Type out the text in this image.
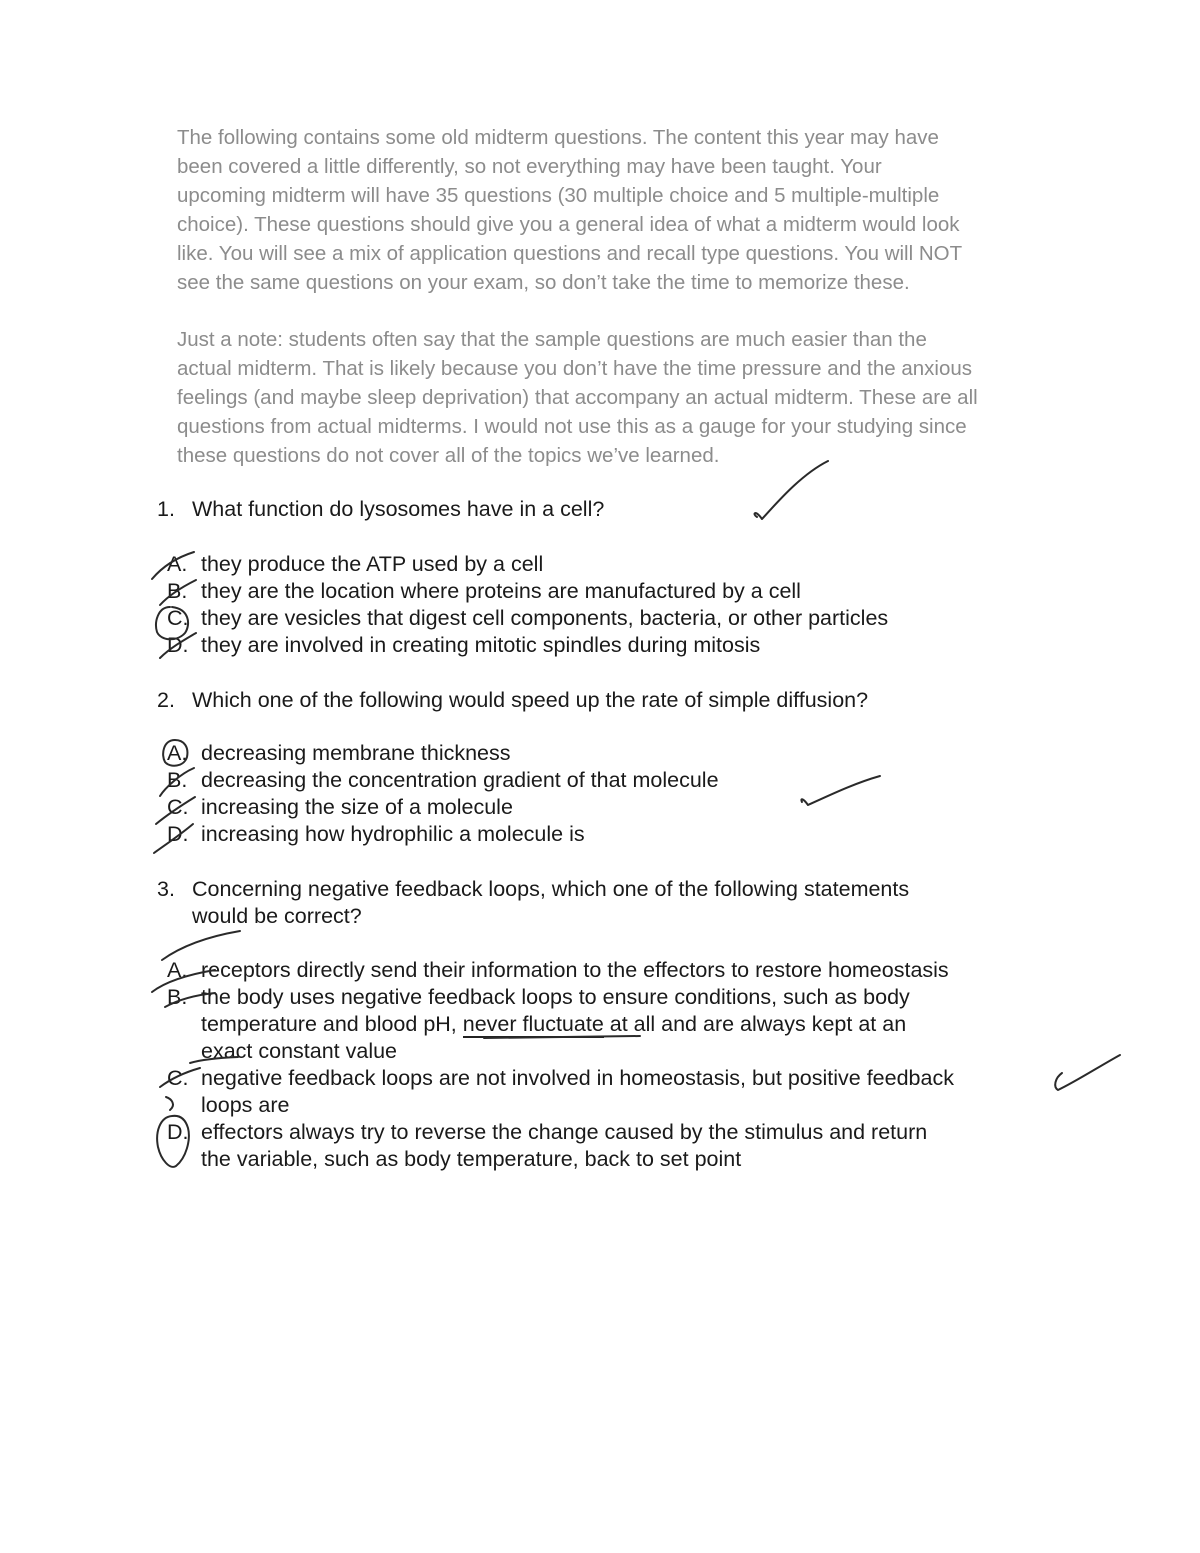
The following contains some old midterm questions. The content this year may have
been covered a little differently, so not everything may have been taught. Your
upcoming midterm will have 35 questions (30 multiple choice and 5 multiple-multiple
choice). These questions should give you a general idea of what a midterm would look
like. You will see a mix of application questions and recall type questions. You will NOT
see the same questions on your exam, so don’t take the time to memorize these.
Just a note: students often say that the sample questions are much easier than the
actual midterm. That is likely because you don’t have the time pressure and the anxious
feelings (and maybe sleep deprivation) that accompany an actual midterm. These are all
questions from actual midterms. I would not use this as a gauge for your studying since
these questions do not cover all of the topics we’ve learned.
1. What function do lysosomes have in a cell?
A. they produce the ATP used by a cell
B. they are the location where proteins are manufactured by a cell
C. they are vesicles that digest cell components, bacteria, or other particles
D. they are involved in creating mitotic spindles during mitosis
2. Which one of the following would speed up the rate of simple diffusion?
A. decreasing membrane thickness
B. decreasing the concentration gradient of that molecule
C. increasing the size of a molecule
D. increasing how hydrophilic a molecule is
3. Concerning negative feedback loops, which one of the following statements
would be correct?
A. receptors directly send their information to the effectors to restore homeostasis
B. the body uses negative feedback loops to ensure conditions, such as body
temperature and blood pH, never fluctuate at all and are always kept at an
exact constant value
C. negative feedback loops are not involved in homeostasis, but positive feedback
loops are
D. effectors always try to reverse the change caused by the stimulus and return
the variable, such as body temperature, back to set point
